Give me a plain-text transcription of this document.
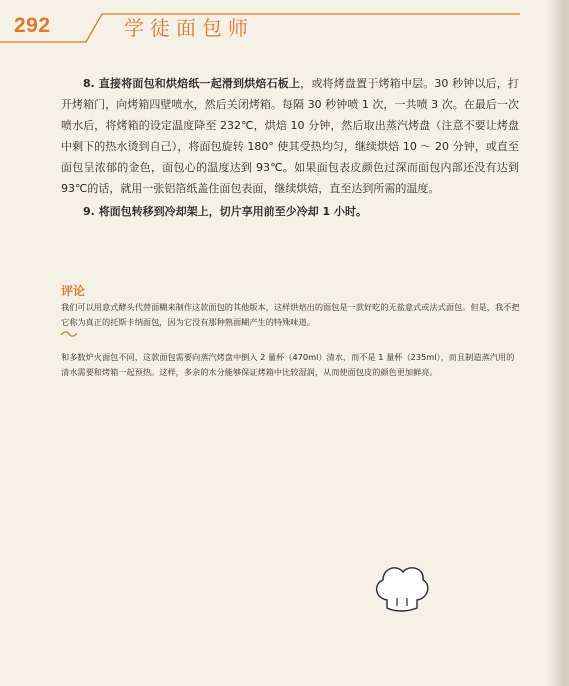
292	学徒面包师

8. 直接将面包和烘焙纸一起滑到烘焙石板上，或将烤盘置于烤箱中层。30 秒钟以后，打开烤箱门，向烤箱四壁喷水，然后关闭烤箱。每隔 30 秒钟喷 1 次，一共喷 3 次。在最后一次喷水后，将烤箱的设定温度降至 232℃，烘焙 10 分钟，然后取出蒸汽烤盘（注意不要让烤盘中剩下的热水烫到自己），将面包旋转 180° 使其受热均匀，继续烘焙 10 ～ 20 分钟，或直至面包呈浓郁的金色，面包心的温度达到 93℃。如果面包表皮颜色过深而面包内部还没有达到 93℃的话，就用一张铝箔纸盖住面包表面，继续烘焙，直至达到所需的温度。

9. 将面包转移到冷却架上，切片享用前至少冷却 1 小时。

评论
我们可以用意式酵头代替面糊来制作这款面包的其他版本，这样烘焙出的面包是一款好吃的无盐意式或法式面包。但是，我不把它称为真正的托斯卡纳面包，因为它没有那种熟面糊产生的特殊味道。
和多数炉火面包不同，这款面包需要向蒸汽烤盘中倒入 2 量杯（470ml）清水，而不是 1 量杯（235ml），而且制造蒸汽用的清水需要和烤箱一起预热。这样，多余的水分能够保证烤箱中比较湿润，从而使面包皮的颜色更加鲜亮。
